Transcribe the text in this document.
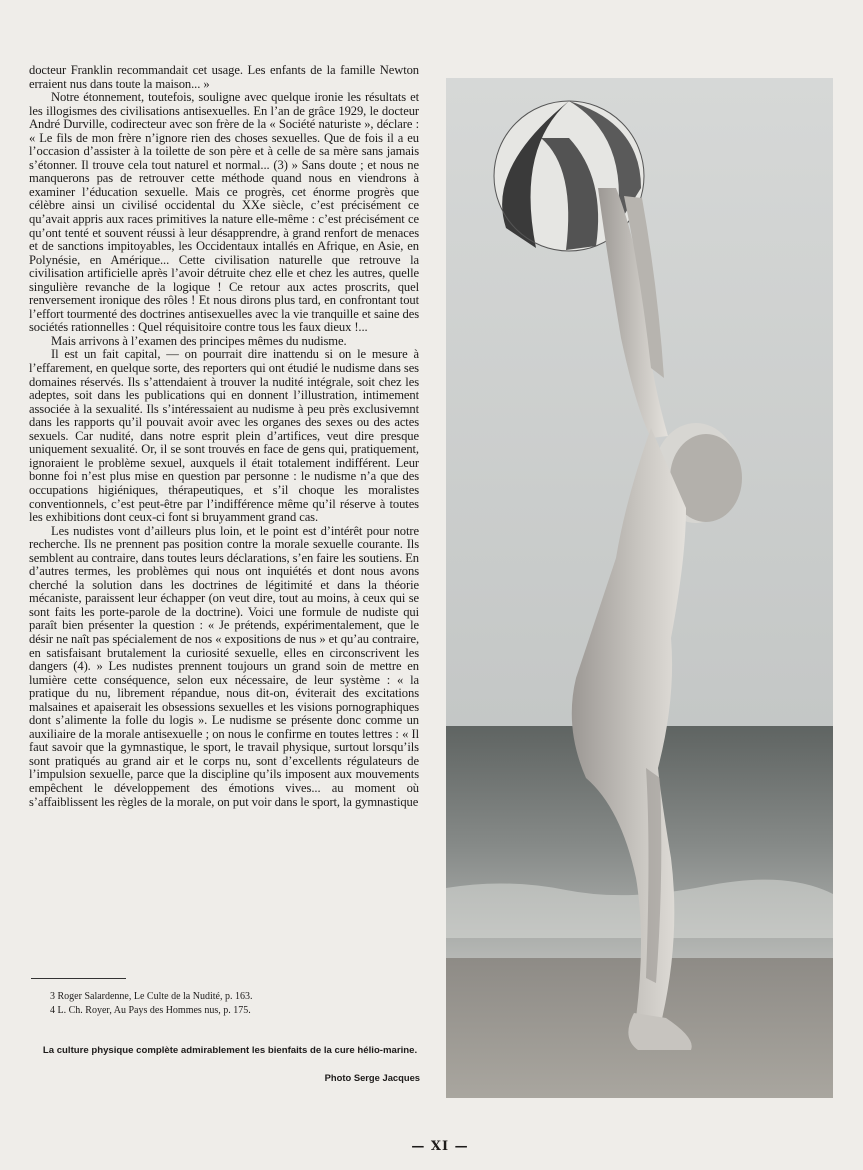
docteur Franklin recommandait cet usage. Les enfants de la famille Newton erraient nus dans toute la maison... »

Notre étonnement, toutefois, souligne avec quelque ironie les résultats et les illogismes des civilisations antisexuelles. En l’an de grâce 1929, le docteur André Durville, codirecteur avec son frère de la « Société naturiste », déclare : « Le fils de mon frère n’ignore rien des choses sexuelles. Que de fois il a eu l’occasion d’assister à la toilette de son père et à celle de sa mère sans jamais s’étonner. Il trouve cela tout naturel et normal... (3) » Sans doute ; et nous ne manquerons pas de retrouver cette méthode quand nous en viendrons à examiner l’éducation sexuelle. Mais ce progrès, cet énorme progrès que célèbre ainsi un civilisé occidental du XXe siècle, c’est précisément ce qu’avait appris aux races primitives la nature elle-même : c’est précisément ce qu’ont tenté et souvent réussi à leur désapprendre, à grand renfort de menaces et de sanctions impitoyables, les Occidentaux intallés en Afrique, en Asie, en Polynésie, en Amérique... Cette civilisation naturelle que retrouve la civilisation artificielle après l’avoir détruite chez elle et chez les autres, quelle singulière revanche de la logique ! Ce retour aux actes proscrits, quel renversement ironique des rôles ! Et nous dirons plus tard, en confrontant tout l’effort tourmenté des doctrines antisexuelles avec la vie tranquille et saine des sociétés rationnelles : Quel réquisitoire contre tous les faux dieux !...

Mais arrivons à l’examen des principes mêmes du nudisme.

Il est un fait capital, — on pourrait dire inattendu si on le mesure à l’effarement, en quelque sorte, des reporters qui ont étudié le nudisme dans ses domaines réservés. Ils s’attendaient à trouver la nudité intégrale, soit chez les adeptes, soit dans les publications qui en donnent l’illustration, intimement associée à la sexualité. Ils s’intéressaient au nudisme à peu près exclusivemnt dans les rapports qu’il pouvait avoir avec les organes des sexes ou des actes sexuels. Car nudité, dans notre esprit plein d’artifices, veut dire presque uniquement sexualité. Or, il se sont trouvés en face de gens qui, pratiquement, ignoraient le problème sexuel, auxquels il était totalement indifférent. Leur bonne foi n’est plus mise en question par personne : le nudisme n’a que des occupations higiéniques, thérapeutiques, et s’il choque les moralistes conventionnels, c’est peut-être par l’indifférence même qu’il réserve à toutes les exhibitions dont ceux-ci font si bruyamment grand cas.

Les nudistes vont d’ailleurs plus loin, et le point est d’intérêt pour notre recherche. Ils ne prennent pas position contre la morale sexuelle courante. Ils semblent au contraire, dans toutes leurs déclarations, s’en faire les soutiens. En d’autres termes, les problèmes qui nous ont inquiétés et dont nous avons cherché la solution dans les doctrines de légitimité et dans la théorie mécaniste, paraissent leur échapper (on veut dire, tout au moins, à ceux qui se sont faits les porte-parole de la doctrine). Voici une formule de nudiste qui paraît bien présenter la question : « Je prétends, expérimentalement, que le désir ne naît pas spécialement de nos « expositions de nus » et qu’au contraire, en satisfaisant brutalement la curiosité sexuelle, elles en circonscrivent les dangers (4). » Les nudistes prennent toujours un grand soin de mettre en lumière cette conséquence, selon eux nécessaire, de leur système : « la pratique du nu, librement répandue, nous dit-on, éviterait des excitations malsaines et apaiserait les obsessions sexuelles et les visions pornographiques dont s’alimente la folle du logis ». Le nudisme se présente donc comme un auxiliaire de la morale antisexuelle ; on nous le confirme en toutes lettres : « Il faut savoir que la gymnastique, le sport, le travail physique, surtout lorsqu’ils sont pratiqués au grand air et le corps nu, sont d’excellents régulateurs de l’impulsion sexuelle, parce que la discipline qu’ils imposent aux mouvements empêchent le développement des émotions vives... au moment où s’affaiblissent les règles de la morale, on put voir dans le sport, la gymnastique

3 Roger Salardenne, Le Culte de la Nudité, p. 163.
4 L. Ch. Royer, Au Pays des Hommes nus, p. 175.
La culture physique complète admirablement les bienfaits de la cure hélio-marine.
Photo Serge Jacques
— XI —
